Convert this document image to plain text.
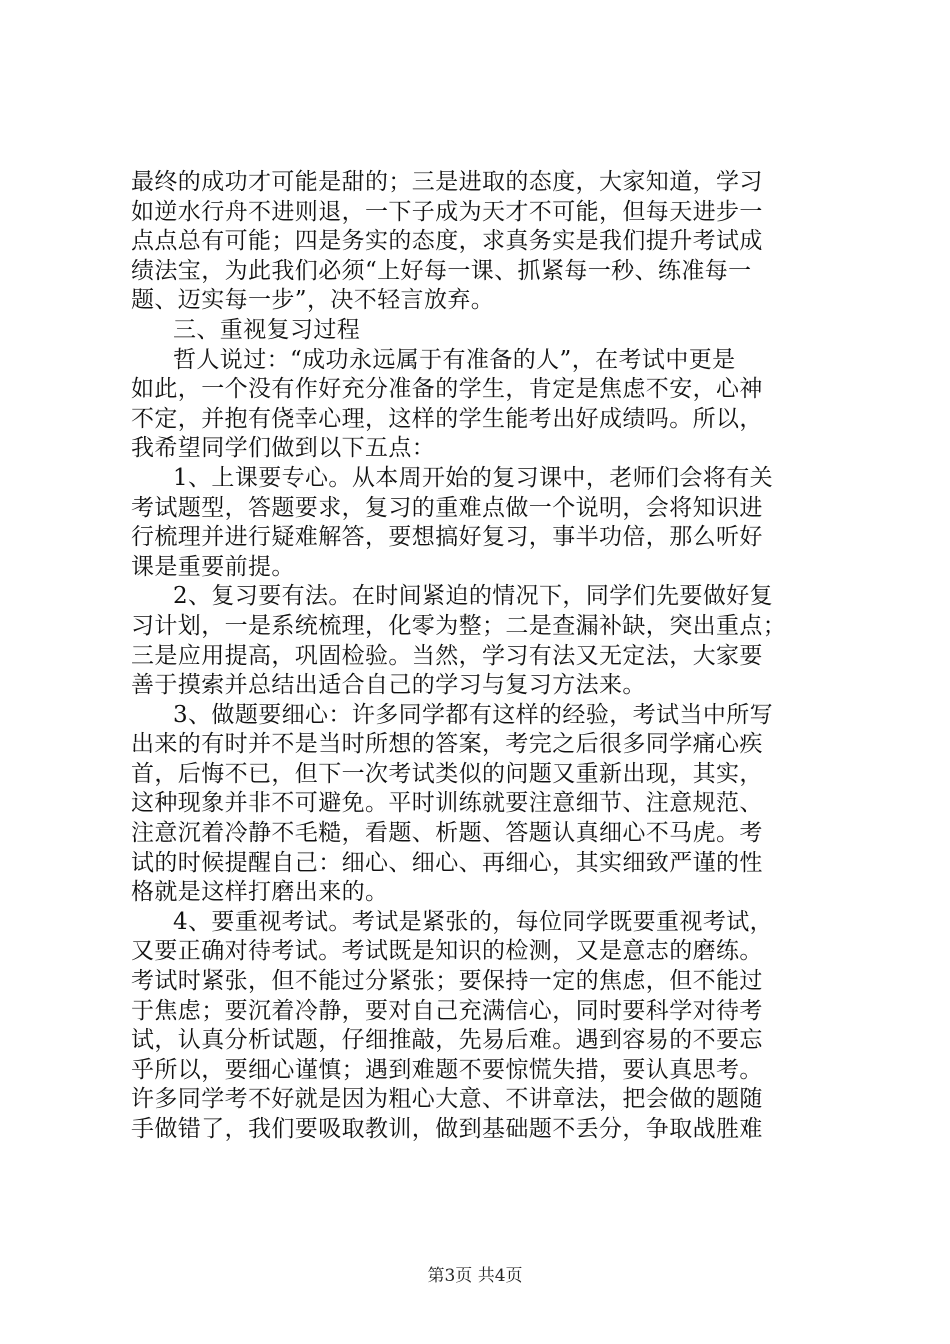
最终的成功才可能是甜的；三是进取的态度，大家知道，学习
如逆水行舟不进则退，一下子成为天才不可能，但每天进步一
点点总有可能；四是务实的态度，求真务实是我们提升考试成
绩法宝，为此我们必须“上好每一课、抓紧每一秒、练准每一
题、迈实每一步”，决不轻言放弃。
三、重视复习过程
哲人说过：“成功永远属于有准备的人”，在考试中更是
如此，一个没有作好充分准备的学生，肯定是焦虑不安，心神
不定，并抱有侥幸心理，这样的学生能考出好成绩吗。所以，
我希望同学们做到以下五点：
1、上课要专心。从本周开始的复习课中，老师们会将有关
考试题型，答题要求，复习的重难点做一个说明，会将知识进
行梳理并进行疑难解答，要想搞好复习，事半功倍，那么听好
课是重要前提。
2、复习要有法。在时间紧迫的情况下，同学们先要做好复
习计划，一是系统梳理，化零为整；二是查漏补缺，突出重点；
三是应用提高，巩固检验。当然，学习有法又无定法，大家要
善于摸索并总结出适合自己的学习与复习方法来。
3、做题要细心：许多同学都有这样的经验，考试当中所写
出来的有时并不是当时所想的答案，考完之后很多同学痛心疾
首，后悔不已，但下一次考试类似的问题又重新出现，其实，
这种现象并非不可避免。平时训练就要注意细节、注意规范、
注意沉着冷静不毛糙，看题、析题、答题认真细心不马虎。考
试的时候提醒自己：细心、细心、再细心，其实细致严谨的性
格就是这样打磨出来的。
4、要重视考试。考试是紧张的，每位同学既要重视考试，
又要正确对待考试。考试既是知识的检测，又是意志的磨练。
考试时紧张，但不能过分紧张；要保持一定的焦虑，但不能过
于焦虑；要沉着冷静，要对自己充满信心，同时要科学对待考
试，认真分析试题，仔细推敲，先易后难。遇到容易的不要忘
乎所以，要细心谨慎；遇到难题不要惊慌失措，要认真思考。
许多同学考不好就是因为粗心大意、不讲章法，把会做的题随
手做错了，我们要吸取教训，做到基础题不丢分，争取战胜难
第3页 共4页
